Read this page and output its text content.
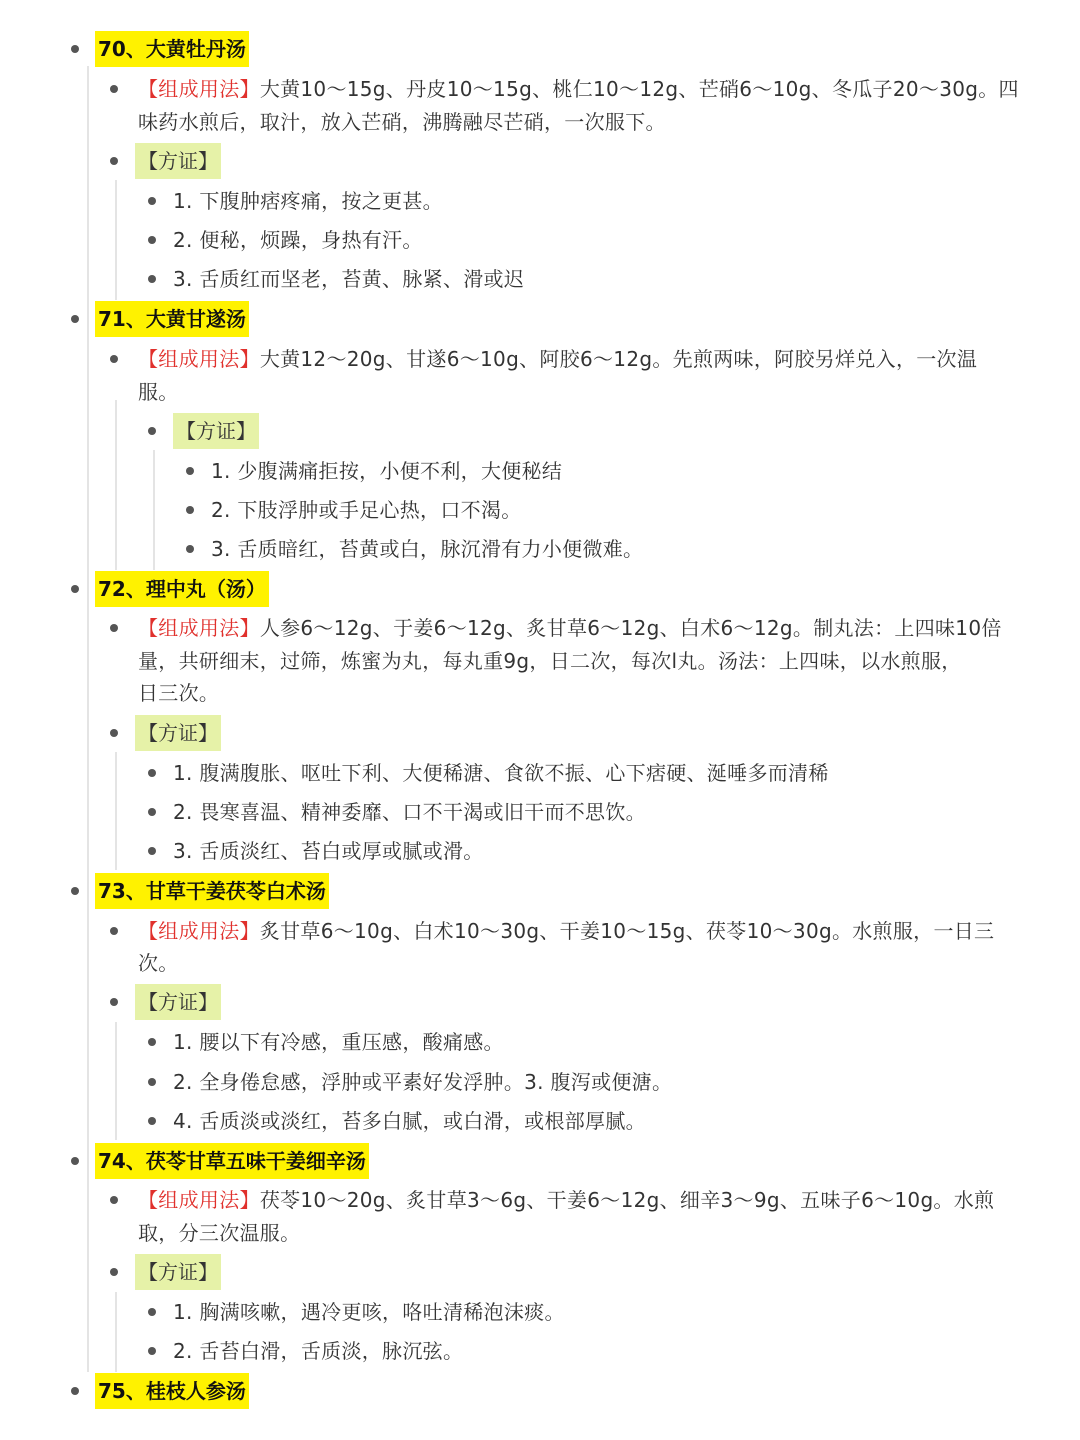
70、大黄牡丹汤
【组成用法】大黄10～15g、丹皮10～15g、桃仁10～12g、芒硝6～10g、冬瓜子20～30g。四
味药水煎后，取汁，放入芒硝，沸腾融尽芒硝，一次服下。
【方证】
1. 下腹肿痞疼痛，按之更甚。
2. 便秘，烦躁，身热有汗。
3. 舌质红而坚老，苔黄、脉紧、滑或迟
71、大黄甘遂汤
【组成用法】大黄12～20g、甘遂6～10g、阿胶6～12g。先煎两味，阿胶另烊兑入，一次温
服。
【方证】
1. 少腹满痛拒按，小便不利，大便秘结
2. 下肢浮肿或手足心热，口不渴。
3. 舌质暗红，苔黄或白，脉沉滑有力小便微难。
72、理中丸（汤）
【组成用法】人参6～12g、于姜6～12g、炙甘草6～12g、白术6～12g。制丸法：上四味10倍
量，共研细末，过筛，炼蜜为丸，每丸重9g，日二次，每次l丸。汤法：上四味，以水煎服，
日三次。
【方证】
1. 腹满腹胀、呕吐下利、大便稀溏、食欲不振、心下痞硬、涎唾多而清稀
2. 畏寒喜温、精神委靡、口不干渴或旧干而不思饮。
3. 舌质淡红、苔白或厚或腻或滑。
73、甘草干姜茯苓白术汤
【组成用法】炙甘草6～10g、白术10～30g、干姜10～15g、茯苓10～30g。水煎服，一日三
次。
【方证】
1. 腰以下有冷感，重压感，酸痛感。
2. 全身倦怠感，浮肿或平素好发浮肿。3. 腹泻或便溏。
4. 舌质淡或淡红，苔多白腻，或白滑，或根部厚腻。
74、茯苓甘草五味干姜细辛汤
【组成用法】茯苓10～20g、炙甘草3～6g、干姜6～12g、细辛3～9g、五味子6～10g。水煎
取，分三次温服。
【方证】
1. 胸满咳嗽，遇冷更咳，咯吐清稀泡沫痰。
2. 舌苔白滑，舌质淡，脉沉弦。
75、桂枝人参汤
